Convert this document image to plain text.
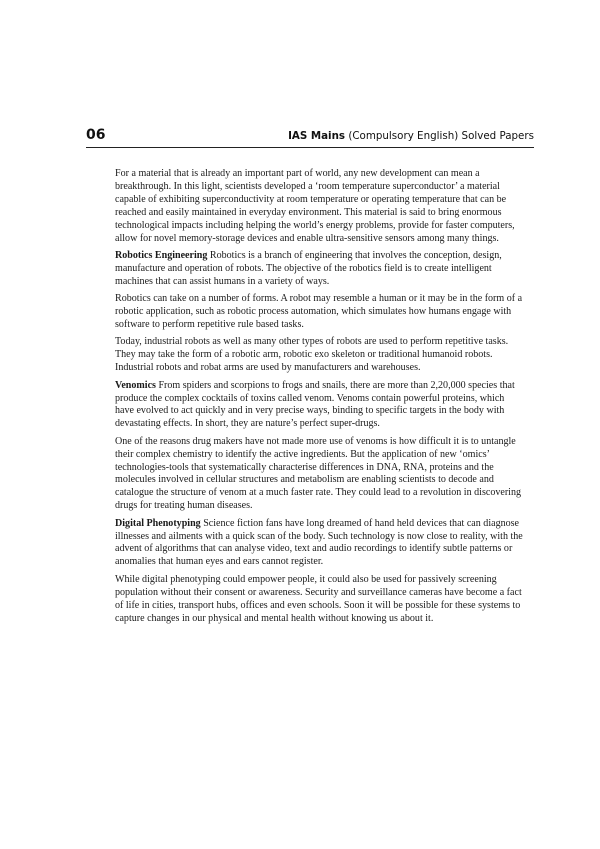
06	IAS Mains (Compulsory English) Solved Papers

For a material that is already an important part of world, any new development can mean a breakthrough. In this light, scientists developed a ‘room temperature superconductor’ a material capable of exhibiting superconductivity at room temperature or operating temperature that can be reached and easily maintained in everyday environment. This material is said to bring enormous technological impacts including helping the world’s energy problems, provide for faster computers, allow for novel memory-storage devices and enable ultra-sensitive sensors among many things.

Robotics Engineering Robotics is a branch of engineering that involves the conception, design, manufacture and operation of robots. The objective of the robotics field is to create intelligent machines that can assist humans in a variety of ways.

Robotics can take on a number of forms. A robot may resemble a human or it may be in the form of a robotic application, such as robotic process automation, which simulates how humans engage with software to perform repetitive rule based tasks.

Today, industrial robots as well as many other types of robots are used to perform repetitive tasks. They may take the form of a robotic arm, robotic exo skeleton or traditional humanoid robots. Industrial robots and robat arms are used by manufacturers and warehouses.

Venomics From spiders and scorpions to frogs and snails, there are more than 2,20,000 species that produce the complex cocktails of toxins called venom. Venoms contain powerful proteins, which have evolved to act quickly and in very precise ways, binding to specific targets in the body with devastating effects. In short, they are nature’s perfect super-drugs.

One of the reasons drug makers have not made more use of venoms is how difficult it is to untangle their complex chemistry to identify the active ingredients. But the application of new ‘omics’ technologies-tools that systematically characterise differences in DNA, RNA, proteins and the molecules involved in cellular structures and metabolism are enabling scientists to decode and catalogue the structure of venom at a much faster rate. They could lead to a revolution in discovering drugs for treating human diseases.

Digital Phenotyping Science fiction fans have long dreamed of hand held devices that can diagnose illnesses and ailments with a quick scan of the body. Such technology is now close to reality, with the advent of algorithms that can analyse video, text and audio recordings to identify subtle patterns or anomalies that human eyes and ears cannot register.

While digital phenotyping could empower people, it could also be used for passively screening population without their consent or awareness. Security and surveillance cameras have become a fact of life in cities, transport hubs, offices and even schools. Soon it will be possible for these systems to capture changes in our physical and mental health without knowing us about it.
